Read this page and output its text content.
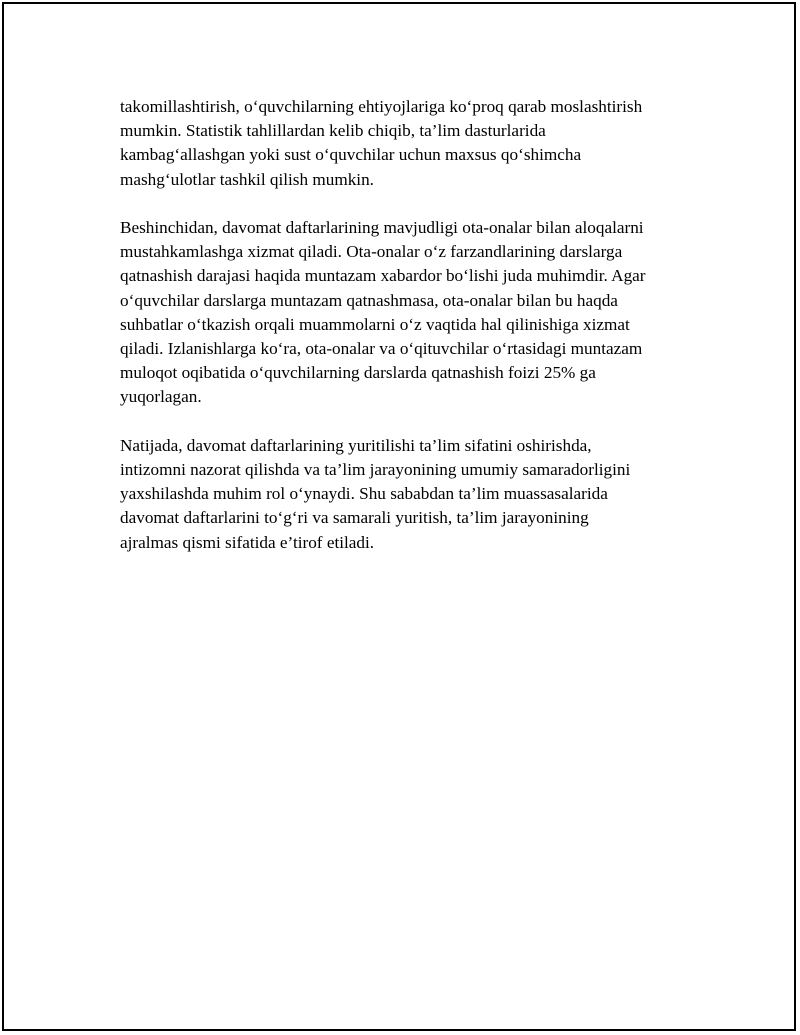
takomillashtirish, o‘quvchilarning ehtiyojlariga ko‘proq qarab moslashtirish
mumkin. Statistik tahlillardan kelib chiqib, ta’lim dasturlarida
kambag‘allashgan yoki sust o‘quvchilar uchun maxsus qo‘shimcha
mashg‘ulotlar tashkil qilish mumkin.

Beshinchidan, davomat daftarlarining mavjudligi ota-onalar bilan aloqalarni
mustahkamlashga xizmat qiladi. Ota-onalar o‘z farzandlarining darslarga
qatnashish darajasi haqida muntazam xabardor bo‘lishi juda muhimdir. Agar
o‘quvchilar darslarga muntazam qatnashmasa, ota-onalar bilan bu haqda
suhbatlar o‘tkazish orqali muammolarni o‘z vaqtida hal qilinishiga xizmat
qiladi. Izlanishlarga ko‘ra, ota-onalar va o‘qituvchilar o‘rtasidagi muntazam
muloqot oqibatida o‘quvchilarning darslarda qatnashish foizi 25% ga
yuqorlagan.

Natijada, davomat daftarlarining yuritilishi ta’lim sifatini oshirishda,
intizomni nazorat qilishda va ta’lim jarayonining umumiy samaradorligini
yaxshilashda muhim rol o‘ynaydi. Shu sababdan ta’lim muassasalarida
davomat daftarlarini to‘g‘ri va samarali yuritish, ta’lim jarayonining
ajralmas qismi sifatida e’tirof etiladi.
